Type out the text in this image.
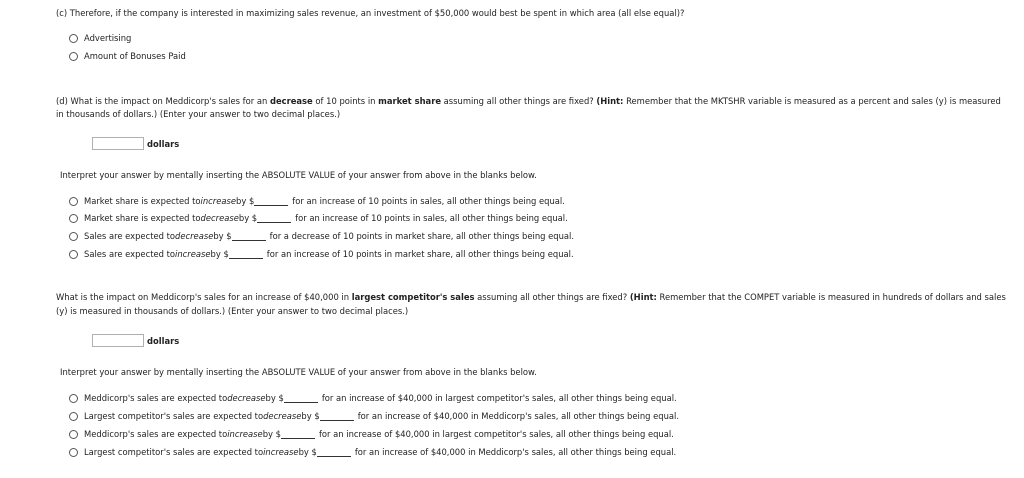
(c) Therefore, if the company is interested in maximizing sales revenue, an investment of $50,000 would best be spent in which area (all else equal)?
Advertising
Amount of Bonuses Paid
(d) What is the impact on Meddicorp's sales for an decrease of 10 points in market share assuming all other things are fixed? (Hint: Remember that the MKTSHR variable is measured as a percent and sales (y) is measured
in thousands of dollars.) (Enter your answer to two decimal places.)
dollars
Interpret your answer by mentally inserting the ABSOLUTE VALUE of your answer from above in the blanks below.
Market share is expected to increase by $	for an increase of 10 points in sales, all other things being equal.
Market share is expected to decrease by $	for an increase of 10 points in sales, all other things being equal.
Sales are expected to decrease by $	for a decrease of 10 points in market share, all other things being equal.
Sales are expected to increase by $	for an increase of 10 points in market share, all other things being equal.
What is the impact on Meddicorp's sales for an increase of $40,000 in largest competitor's sales assuming all other things are fixed? (Hint: Remember that the COMPET variable is measured in hundreds of dollars and sales
(y) is measured in thousands of dollars.) (Enter your answer to two decimal places.)
dollars
Interpret your answer by mentally inserting the ABSOLUTE VALUE of your answer from above in the blanks below.
Meddicorp's sales are expected to decrease by $	for an increase of $40,000 in largest competitor's sales, all other things being equal.
Largest competitor's sales are expected to decrease by $	for an increase of $40,000 in Meddicorp's sales, all other things being equal.
Meddicorp's sales are expected to increase by $	for an increase of $40,000 in largest competitor's sales, all other things being equal.
Largest competitor's sales are expected to increase by $	for an increase of $40,000 in Meddicorp's sales, all other things being equal.
